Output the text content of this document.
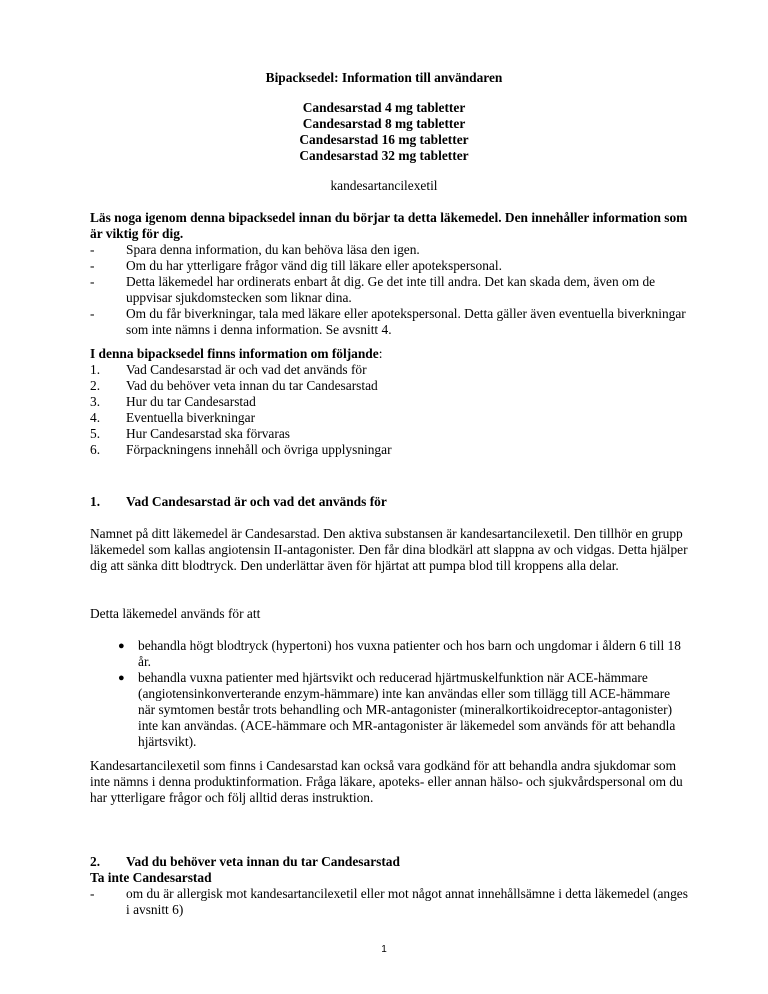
Bipacksedel: Information till användaren

Candesarstad 4 mg tabletter

Candesarstad 8 mg tabletter

Candesarstad 16 mg tabletter

Candesarstad 32 mg tabletter

kandesartancilexetil

Läs noga igenom denna bipacksedel innan du börjar ta detta läkemedel. Den innehåller information som är viktig för dig.

- Spara denna information, du kan behöva läsa den igen.
- Om du har ytterligare frågor vänd dig till läkare eller apotekspersonal.
- Detta läkemedel har ordinerats enbart åt dig. Ge det inte till andra. Det kan skada dem, även om de uppvisar sjukdomstecken som liknar dina.
- Om du får biverkningar, tala med läkare eller apotekspersonal. Detta gäller även eventuella biverkningar som inte nämns i denna information. Se avsnitt 4.

I denna bipacksedel finns information om följande:

1. Vad Candesarstad är och vad det används för
2. Vad du behöver veta innan du tar Candesarstad
3. Hur du tar Candesarstad
4. Eventuella biverkningar
5. Hur Candesarstad ska förvaras
6. Förpackningens innehåll och övriga upplysningar
1. Vad Candesarstad är och vad det används för

Namnet på ditt läkemedel är Candesarstad. Den aktiva substansen är kandesartancilexetil. Den tillhör en grupp läkemedel som kallas angiotensin II-antagonister. Den får dina blodkärl att slappna av och vidgas. Detta hjälper dig att sänka ditt blodtryck. Den underlättar även för hjärtat att pumpa blod till kroppens alla delar.

Detta läkemedel används för att

● behandla högt blodtryck (hypertoni) hos vuxna patienter och hos barn och ungdomar i åldern 6 till 18 år.
● behandla vuxna patienter med hjärtsvikt och reducerad hjärtmuskelfunktion när ACE-hämmare (angiotensinkonverterande enzym-hämmare) inte kan användas eller som tillägg till ACE-hämmare när symtomen består trots behandling och MR-antagonister (mineralkortikoidreceptor-antagonister) inte kan användas. (ACE-hämmare och MR-antagonister är läkemedel som används för att behandla hjärtsvikt).

Kandesartancilexetil som finns i Candesarstad kan också vara godkänd för att behandla andra sjukdomar som inte nämns i denna produktinformation. Fråga läkare, apoteks- eller annan hälso- och sjukvårdspersonal om du har ytterligare frågor och följ alltid deras instruktion.

2. Vad du behöver veta innan du tar Candesarstad

Ta inte Candesarstad

- om du är allergisk mot kandesartancilexetil eller mot något annat innehållsämne i detta läkemedel (anges i avsnitt 6)

1
